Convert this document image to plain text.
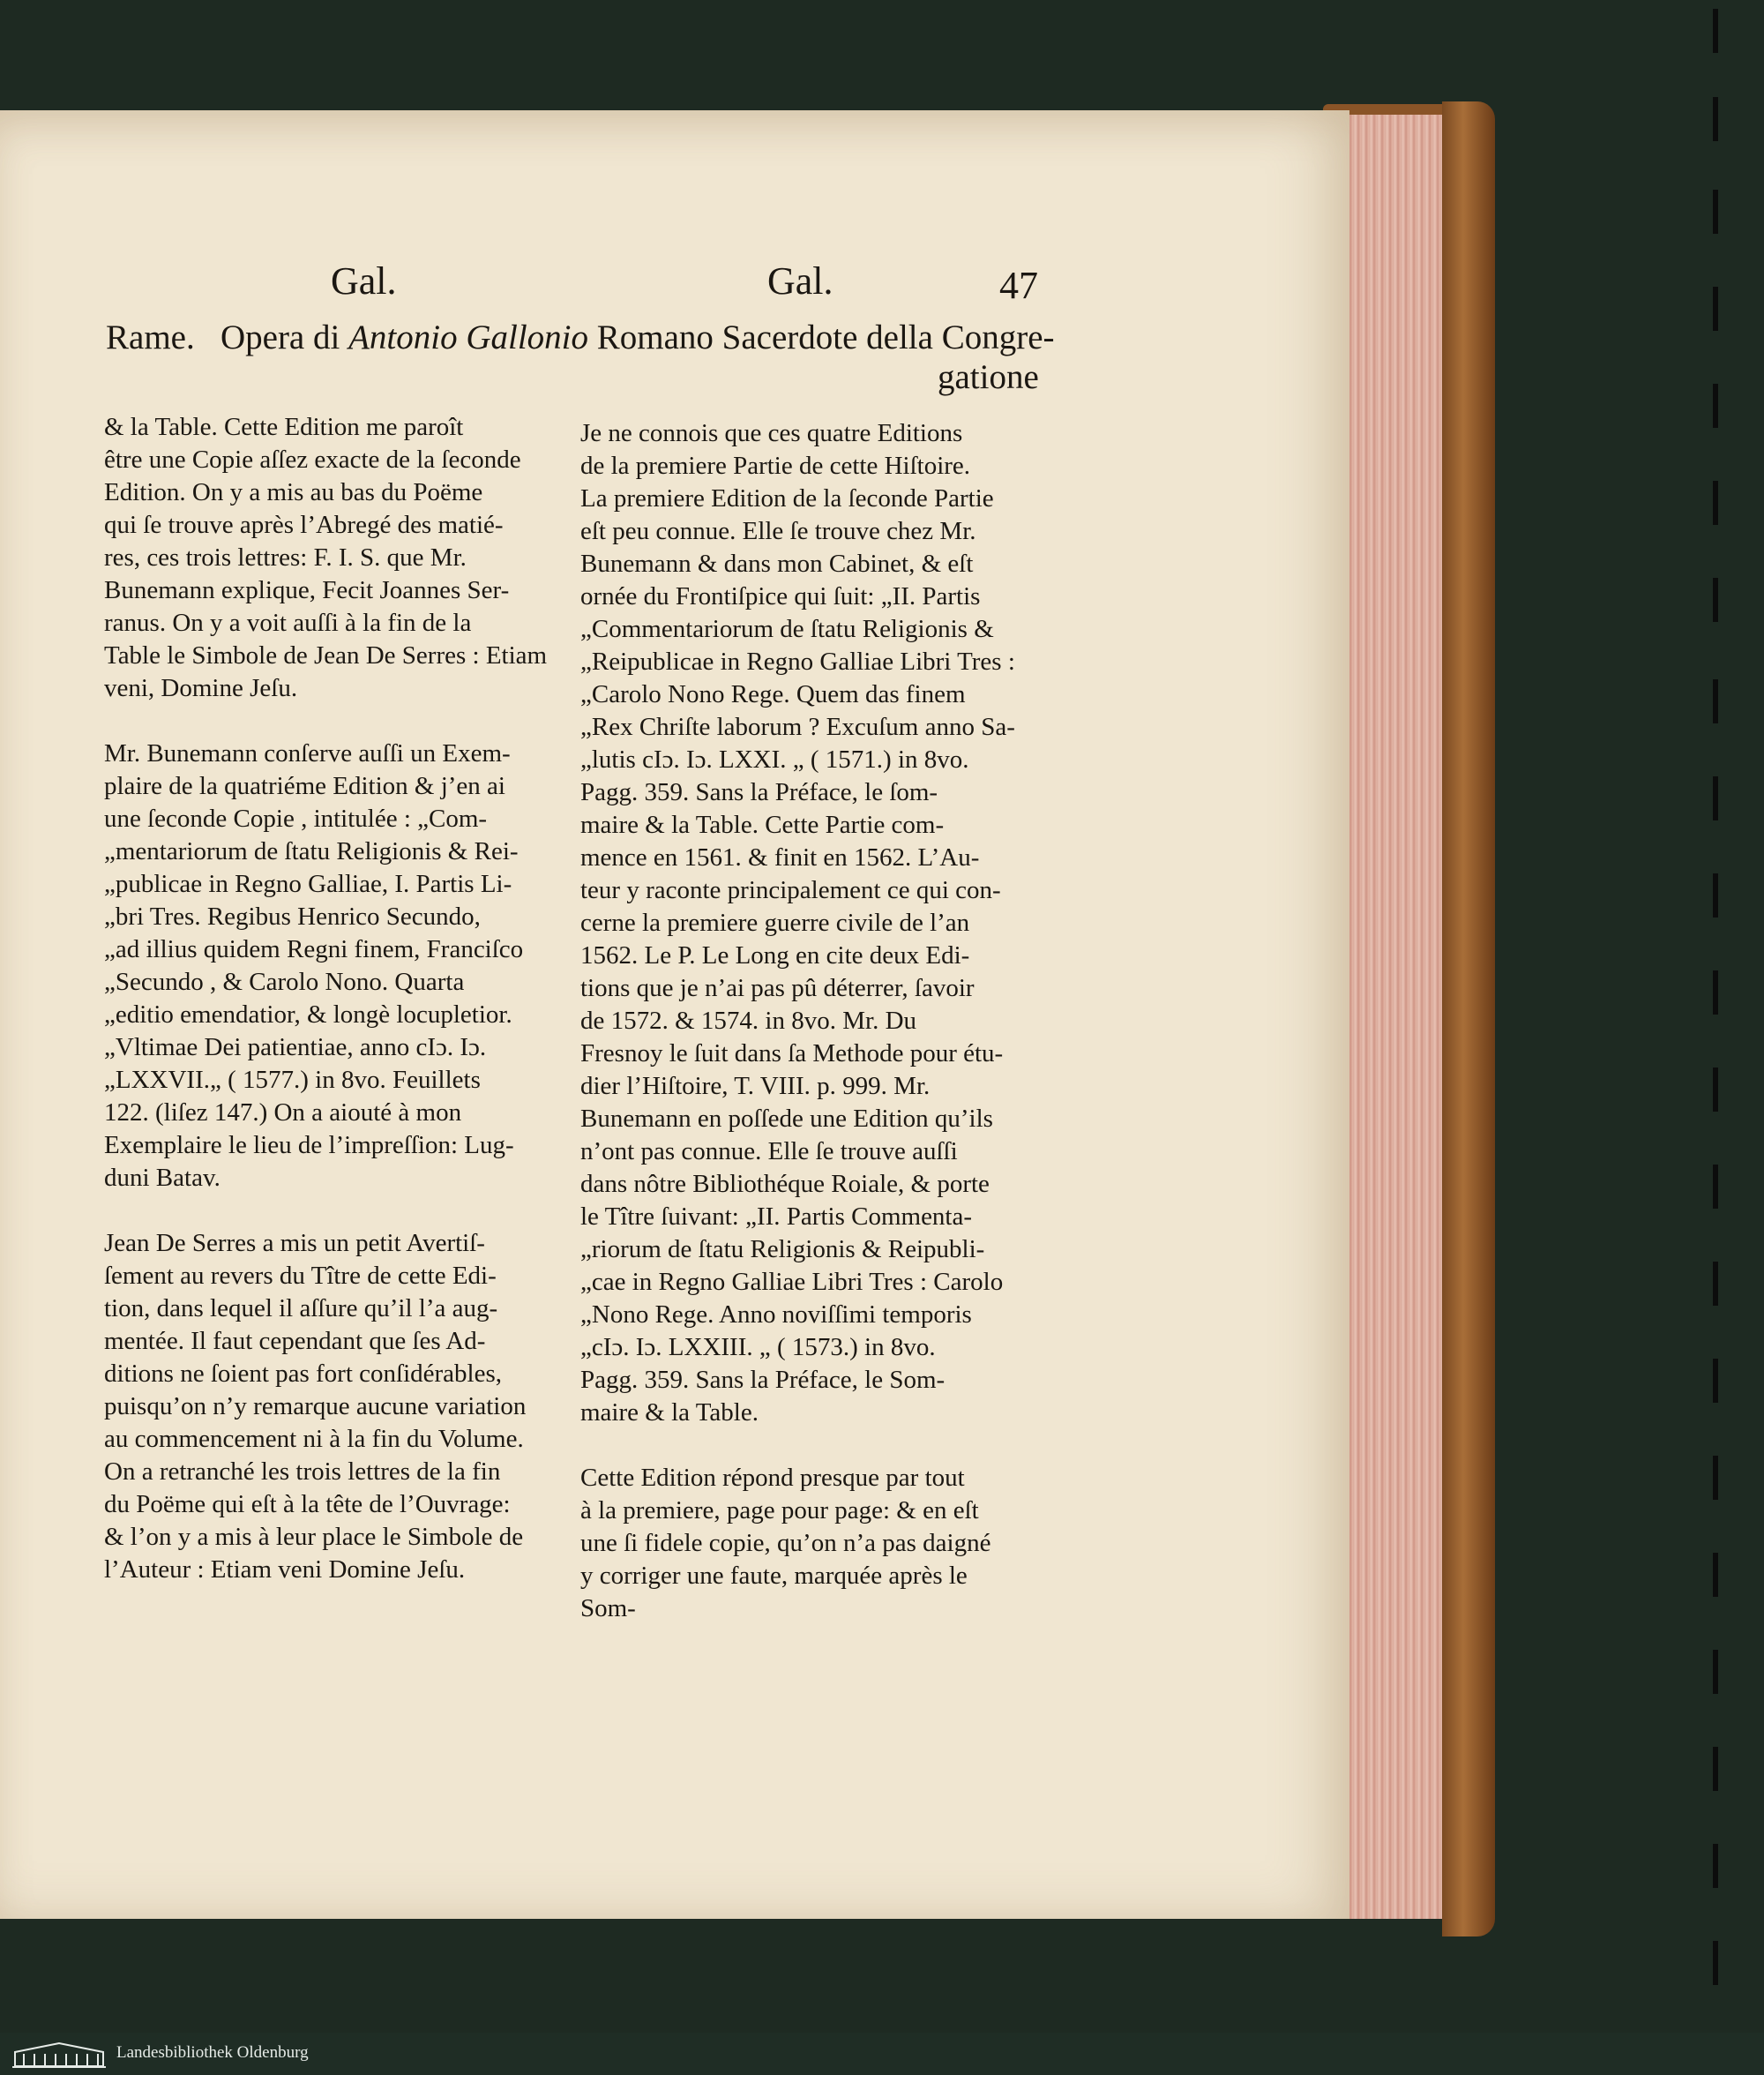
Gal.	Gal.	47

Rame.   Opera di Antonio Gallonio Romano Sacerdote della Congre-

gatione

& la Table. Cette Edition me paroît
être une Copie aſſez exacte de la ſeconde
Edition. On y a mis au bas du Poëme
qui ſe trouve après l’Abregé des matié-
res, ces trois lettres: F. I. S. que Mr.
Bunemann explique, Fecit Joannes Ser-
ranus. On y a voit auſſi à la fin de la
Table le Simbole de Jean De Serres : Etiam
veni, Domine Jeſu.
Mr. Bunemann conſerve auſſi un Exem-
plaire de la quatriéme Edition & j’en ai
une ſeconde Copie , intitulée : „Com-
„mentariorum de ſtatu Religionis & Rei-
„publicae in Regno Galliae, I. Partis Li-
„bri Tres. Regibus Henrico Secundo,
„ad illius quidem Regni finem, Franciſco
„Secundo , & Carolo Nono. Quarta
„editio emendatior, & longè locupletior.
„Vltimae Dei patientiae, anno cIɔ. Iɔ.
„LXXVII.„ ( 1577.) in 8vo. Feuillets
122. (liſez 147.) On a aiouté à mon
Exemplaire le lieu de l’impreſſion: Lug-
duni Batav.
Jean De Serres a mis un petit Avertiſ-
ſement au revers du Tître de cette Edi-
tion, dans lequel il aſſure qu’il l’a aug-
mentée. Il faut cependant que ſes Ad-
ditions ne ſoient pas fort conſidérables,
puisqu’on n’y remarque aucune variation
au commencement ni à la fin du Volume.
On a retranché les trois lettres de la fin
du Poëme qui eſt à la tête de l’Ouvrage:
& l’on y a mis à leur place le Simbole de
l’Auteur : Etiam veni Domine Jeſu.
Je ne connois que ces quatre Editions
de la premiere Partie de cette Hiſtoire.
La premiere Edition de la ſeconde Partie
eſt peu connue. Elle ſe trouve chez Mr.
Bunemann & dans mon Cabinet, & eſt
ornée du Frontiſpice qui ſuit: „II. Partis
„Commentariorum de ſtatu Religionis &
„Reipublicae in Regno Galliae Libri Tres :
„Carolo Nono Rege. Quem das finem
„Rex Chriſte laborum ? Excuſum anno Sa-
„lutis cIɔ. Iɔ. LXXI. „ ( 1571.) in 8vo.
Pagg. 359. Sans la Préface, le ſom-
maire & la Table. Cette Partie com-
mence en 1561. & finit en 1562. L’Au-
teur y raconte principalement ce qui con-
cerne la premiere guerre civile de l’an
1562. Le P. Le Long en cite deux Edi-
tions que je n’ai pas pû déterrer, ſavoir
de 1572. & 1574. in 8vo. Mr. Du
Fresnoy le ſuit dans ſa Methode pour étu-
dier l’Hiſtoire, T. VIII. p. 999. Mr.
Bunemann en poſſede une Edition qu’ils
n’ont pas connue. Elle ſe trouve auſſi
dans nôtre Bibliothéque Roiale, & porte
le Tître ſuivant: „II. Partis Commenta-
„riorum de ſtatu Religionis & Reipubli-
„cae in Regno Galliae Libri Tres : Carolo
„Nono Rege. Anno noviſſimi temporis
„cIɔ. Iɔ. LXXIII. „ ( 1573.) in 8vo.
Pagg. 359. Sans la Préface, le Som-
maire & la Table.
Cette Edition répond presque par tout
à la premiere, page pour page: & en eſt
une ſi fidele copie, qu’on n’a pas daigné
y corriger une faute, marquée après le
Som-
Landesbibliothek Oldenburg
